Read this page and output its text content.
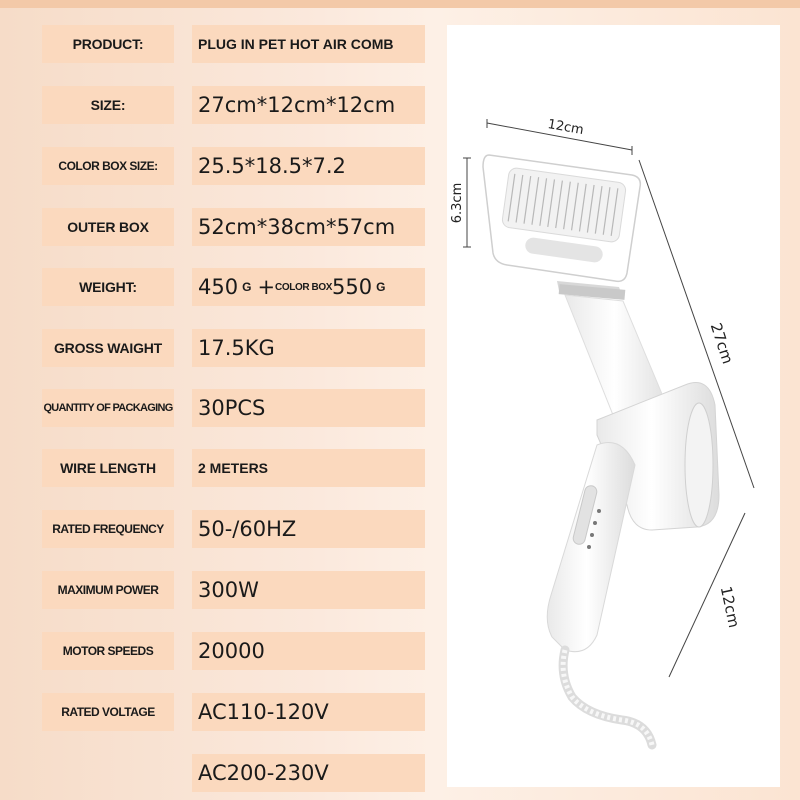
PRODUCT:
SIZE:
COLOR BOX SIZE:
OUTER BOX
WEIGHT:
GROSS WAIGHT
QUANTITY OF PACKAGING
WIRE LENGTH
RATED FREQUENCY
MAXIMUM POWER
MOTOR SPEEDS
RATED VOLTAGE
PLUG IN PET HOT AIR COMB
27cm*12cm*12cm
25.5*18.5*7.2
52cm*38cm*57cm
450 G + COLOR BOX 550 G
17.5KG
30PCS
2 METERS
50-/60HZ
300W
20000
AC110-120V
AC200-230V
12cm
6.3cm
27cm
12cm
